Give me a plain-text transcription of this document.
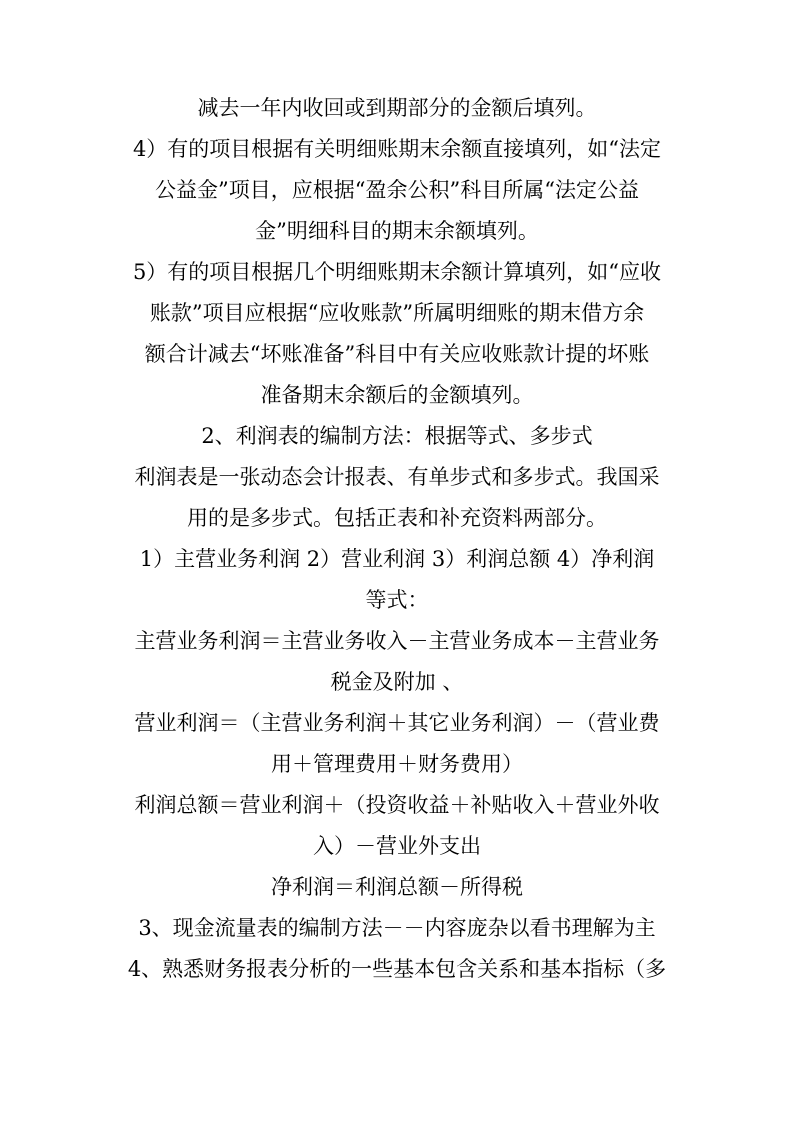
减去一年内收回或到期部分的金额后填列。
4）有的项目根据有关明细账期末余额直接填列，如“法定
公益金”项目，应根据“盈余公积”科目所属“法定公益
金”明细科目的期末余额填列。
5）有的项目根据几个明细账期末余额计算填列，如“应收
账款”项目应根据“应收账款”所属明细账的期末借方余
额合计减去“坏账准备”科目中有关应收账款计提的坏账
准备期末余额后的金额填列。
2、利润表的编制方法：根据等式、多步式
利润表是一张动态会计报表、有单步式和多步式。我国采
用的是多步式。包括正表和补充资料两部分。
1）主营业务利润 2）营业利润 3）利润总额 4）净利润
等式：
主营业务利润＝主营业务收入－主营业务成本－主营业务
税金及附加 、
营业利润＝（主营业务利润＋其它业务利润）－（营业费
用＋管理费用＋财务费用）
利润总额＝营业利润＋（投资收益＋补贴收入＋营业外收
入）－营业外支出
净利润＝利润总额－所得税
3、现金流量表的编制方法－－内容庞杂以看书理解为主
4、熟悉财务报表分析的一些基本包含关系和基本指标（多
